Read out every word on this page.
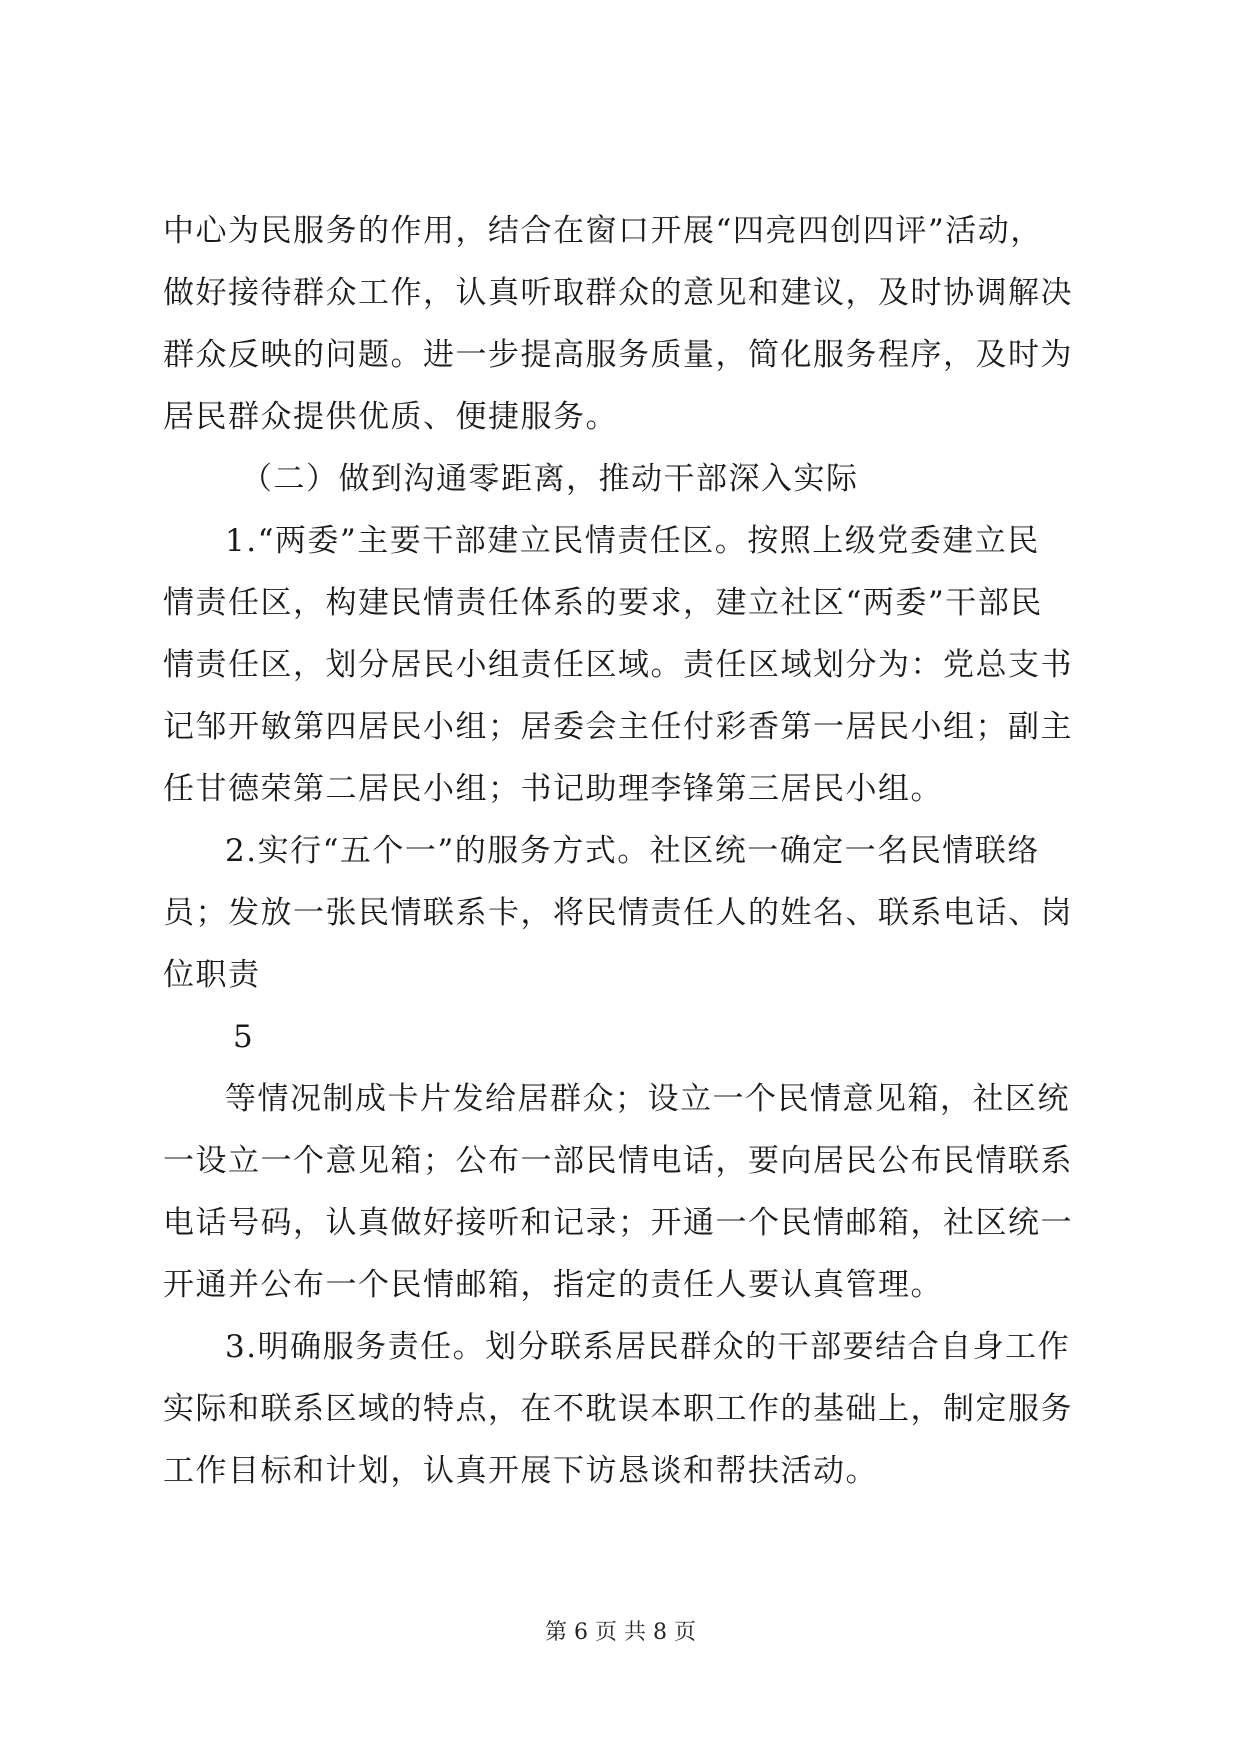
中心为民服务的作用，结合在窗口开展“四亮四创四评”活动，
做好接待群众工作，认真听取群众的意见和建议，及时协调解决
群众反映的问题。进一步提高服务质量，简化服务程序，及时为
居民群众提供优质、便捷服务。
（二）做到沟通零距离，推动干部深入实际
1.“两委”主要干部建立民情责任区。按照上级党委建立民
情责任区，构建民情责任体系的要求，建立社区“两委”干部民
情责任区，划分居民小组责任区域。责任区域划分为：党总支书
记邹开敏第四居民小组；居委会主任付彩香第一居民小组；副主
任甘德荣第二居民小组；书记助理李锋第三居民小组。
2.实行“五个一”的服务方式。社区统一确定一名民情联络
员；发放一张民情联系卡，将民情责任人的姓名、联系电话、岗
位职责
5
等情况制成卡片发给居群众；设立一个民情意见箱，社区统
一设立一个意见箱；公布一部民情电话，要向居民公布民情联系
电话号码，认真做好接听和记录；开通一个民情邮箱，社区统一
开通并公布一个民情邮箱，指定的责任人要认真管理。
3.明确服务责任。划分联系居民群众的干部要结合自身工作
实际和联系区域的特点，在不耽误本职工作的基础上，制定服务
工作目标和计划，认真开展下访恳谈和帮扶活动。
第 6 页 共 8 页
